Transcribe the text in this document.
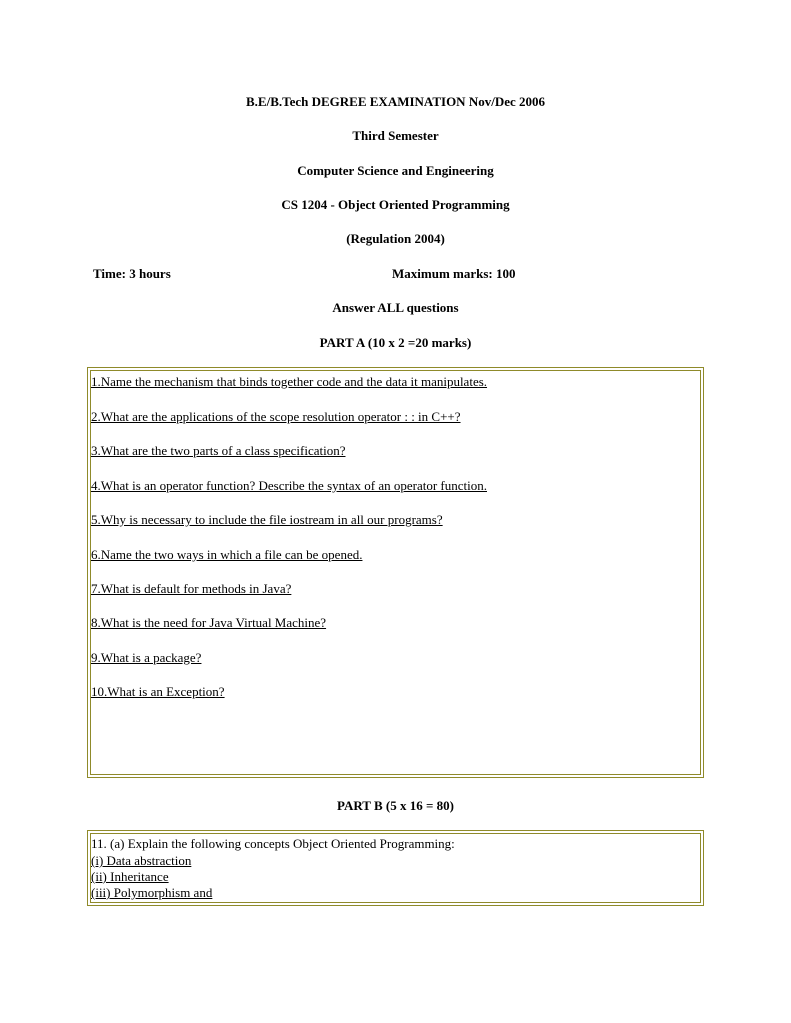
B.E/B.Tech DEGREE EXAMINATION Nov/Dec 2006
Third Semester
Computer Science and Engineering
CS 1204 - Object Oriented Programming
(Regulation 2004)
Time: 3 hours	Maximum marks: 100
Answer ALL questions
PART A (10 x 2 =20 marks)
1.Name the mechanism that binds together code and the data it manipulates.
2.What are the applications of the scope resolution operator : : in C++?
3.What are the two parts of a class specification?
4.What is an operator function? Describe the syntax of an operator function.
5.Why is necessary to include the file iostream in all our programs?
6.Name the two ways in which a file can be opened.
7.What is default for methods in Java?
8.What is the need for Java Virtual Machine?
9.What is a package?
10.What is an Exception?
PART B (5 x 16 = 80)
11. (a) Explain the following concepts Object Oriented Programming:
(i) Data abstraction
(ii) Inheritance
(iii) Polymorphism and
